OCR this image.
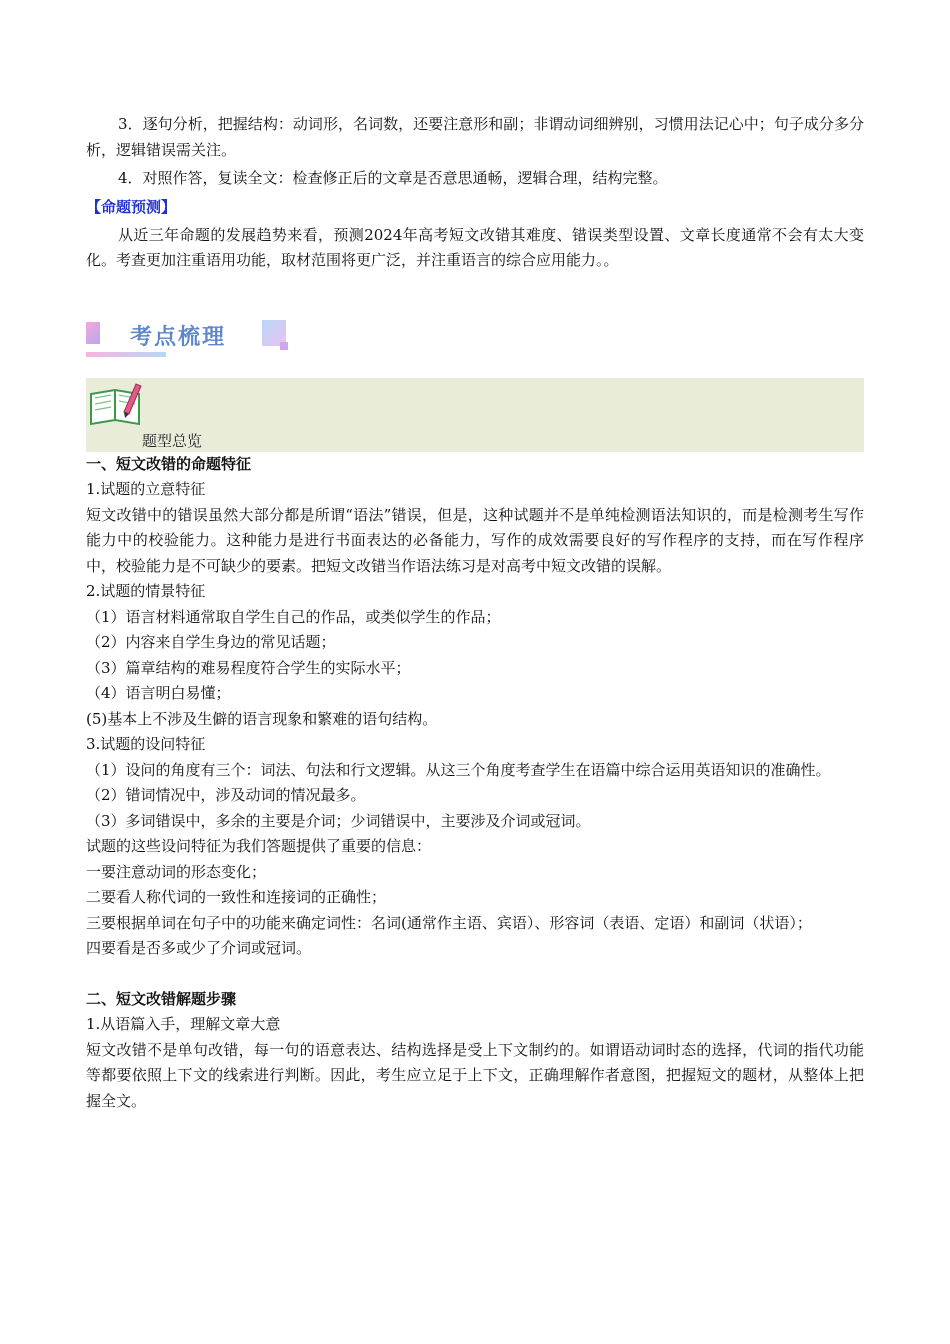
3．逐句分析，把握结构：动词形，名词数，还要注意形和副；非谓动词细辨别，习惯用法记心中；句子成分多分析，逻辑错误需关注。

4．对照作答，复读全文：检查修正后的文章是否意思通畅，逻辑合理，结构完整。

【命题预测】

从近三年命题的发展趋势来看，预测2024年高考短文改错其难度、错误类型设置、文章长度通常不会有太大变化。考查更加注重语用功能，取材范围将更广泛，并注重语言的综合应用能力。。

考点梳理
题型总览

一、短文改错的命题特征

1.试题的立意特征

短文改错中的错误虽然大部分都是所谓“语法”错误，但是，这种试题并不是单纯检测语法知识的，而是检测考生写作能力中的校验能力。这种能力是进行书面表达的必备能力，写作的成效需要良好的写作程序的支持，而在写作程序中，校验能力是不可缺少的要素。把短文改错当作语法练习是对高考中短文改错的误解。

2.试题的情景特征

（1）语言材料通常取自学生自己的作品，或类似学生的作品；

（2）内容来自学生身边的常见话题；

（3）篇章结构的难易程度符合学生的实际水平；

（4）语言明白易懂；

(5)基本上不涉及生僻的语言现象和繁难的语句结构。

3.试题的设问特征

（1）设问的角度有三个：词法、句法和行文逻辑。从这三个角度考查学生在语篇中综合运用英语知识的准确性。

（2）错词情况中，涉及动词的情况最多。

（3）多词错误中，多余的主要是介词；少词错误中，主要涉及介词或冠词。

试题的这些设问特征为我们答题提供了重要的信息：

一要注意动词的形态变化；

二要看人称代词的一致性和连接词的正确性；

三要根据单词在句子中的功能来确定词性：名词(通常作主语、宾语）、形容词（表语、定语）和副词（状语）；

四要看是否多或少了介词或冠词。

二、短文改错解题步骤

1.从语篇入手，理解文章大意

短文改错不是单句改错，每一句的语意表达、结构选择是受上下文制约的。如谓语动词时态的选择，代词的指代功能等都要依照上下文的线索进行判断。因此，考生应立足于上下文，正确理解作者意图，把握短文的题材，从整体上把握全文。
